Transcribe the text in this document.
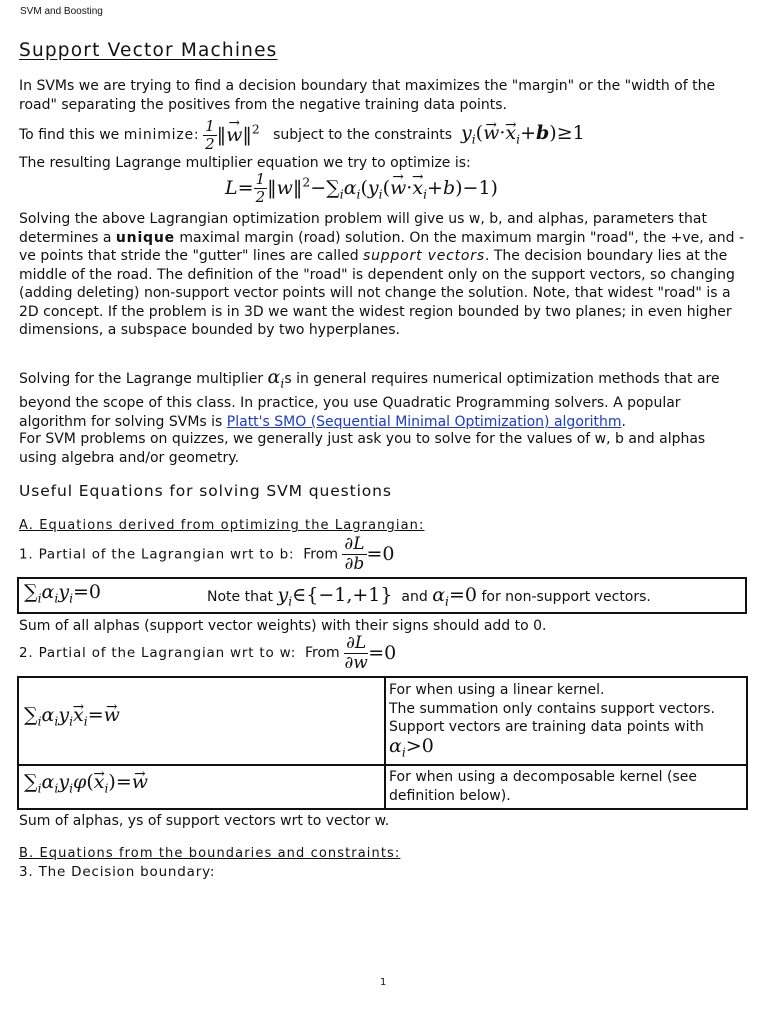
SVM and Boosting
Support Vector Machines
In SVMs we are trying to find a decision boundary that maximizes the "margin" or the "width of the road" separating the positives from the negative training data points.
To find this we minimize: $\frac{1}{2}$ ‖→ w‖$^2$ subject to the constraints $y_i(\to w\cdot\to x_i+b)\ge 1$
The resulting Lagrange multiplier equation we try to optimize is:
$L= \frac{1}{2}$ $‖w‖^2-\sum_i\alpha_i(y_i(\to w\cdot\to x_i+b)-1)$
Solving the above Lagrangian optimization problem will give us w, b, and alphas, parameters that determines a unique maximal margin (road) solution. On the maximum margin "road", the +ve, and -ve points that stride the "gutter" lines are called support vectors. The decision boundary lies at the middle of the road. The definition of the "road" is dependent only on the support vectors, so changing (adding deleting) non-support vector points will not change the solution. Note, that widest "road" is a 2D concept. If the problem is in 3D we want the widest region bounded by two planes; in even higher dimensions, a subspace bounded by two hyperplanes.
Solving for the Lagrange multiplier $\alpha_is$ in general requires numerical optimization methods that are beyond the scope of this class. In practice, you use Quadratic Programming solvers. A popular algorithm for solving SVMs is Platt's SMO (Sequential Minimal Optimization) algorithm.
For SVM problems on quizzes, we generally just ask you to solve for the values of w, b and alphas using algebra and/or geometry.
Useful Equations for solving SVM questions
A. Equations derived from optimizing the Lagrangian:
1. Partial of the Lagrangian wrt to b: From $\frac{\partial L}{\partial b} =0$
$\sum_i\alpha_iy_i=0$	Note that $y_i\in\{-1,+1\}$ and $\alpha_i=0$ for non-support vectors.
Sum of all alphas (support vector weights) with their signs should add to 0.
2. Partial of the Lagrangian wrt to w: From $\frac{\partial L}{\partial w} =0$
$\sum_i\alpha_iy_i\to x_i=\to w$
For when using a linear kernel.
The summation only contains support vectors.
Support vectors are training data points with
$\alpha_i>0$
$\sum_i\alpha_iy_i\varphi(\to x_i)=\to w$	For when using a decomposable kernel (see definition below).
Sum of alphas, ys of support vectors wrt to vector w.
B. Equations from the boundaries and constraints:
3. The Decision boundary:
1
